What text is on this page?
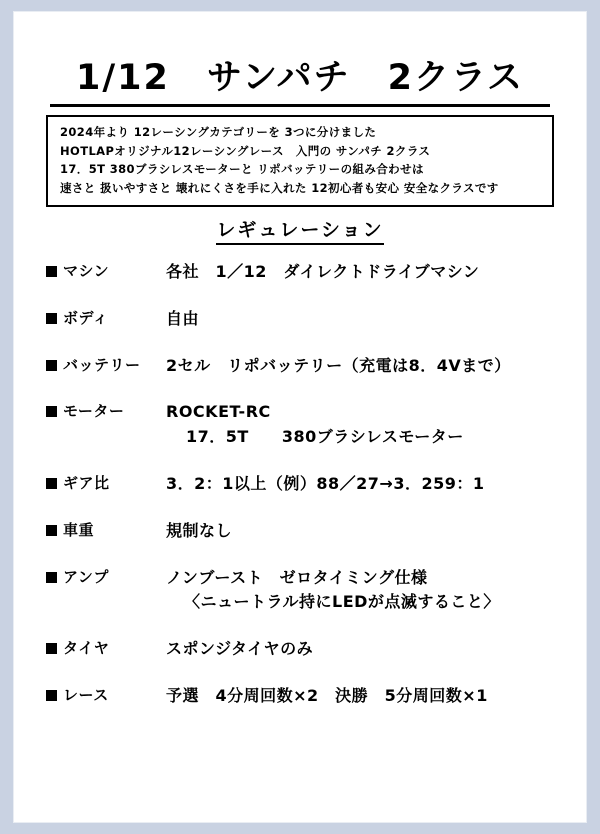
1/12　サンパチ　2クラス
2024年より 12レーシングカテゴリーを 3つに分けました
HOTLAPオリジナル12レーシングレース　入門の サンパチ 2クラス
17．5T 380ブラシレスモーターと リポバッテリーの組み合わせは
速さと 扱いやすさと 壊れにくさを手に入れた 12初心者も安心 安全なクラスです
レギュレーション
マシン	各社　1／12　ダイレクトドライブマシン
ボディ	自由
バッテリー	2セル　リポバッテリー（充電は8．4Vまで）
モーター	ROCKET-RC
17．5T　　380ブラシレスモーター
ギア比	3．2：1以上（例）88／27→3．259：1
車重	規制なし
アンプ	ノンブースト　ゼロタイミング仕様
〈ニュートラル持にLEDが点滅すること〉
タイヤ	スポンジタイヤのみ
レース	予選　4分周回数×2　決勝　5分周回数×1
